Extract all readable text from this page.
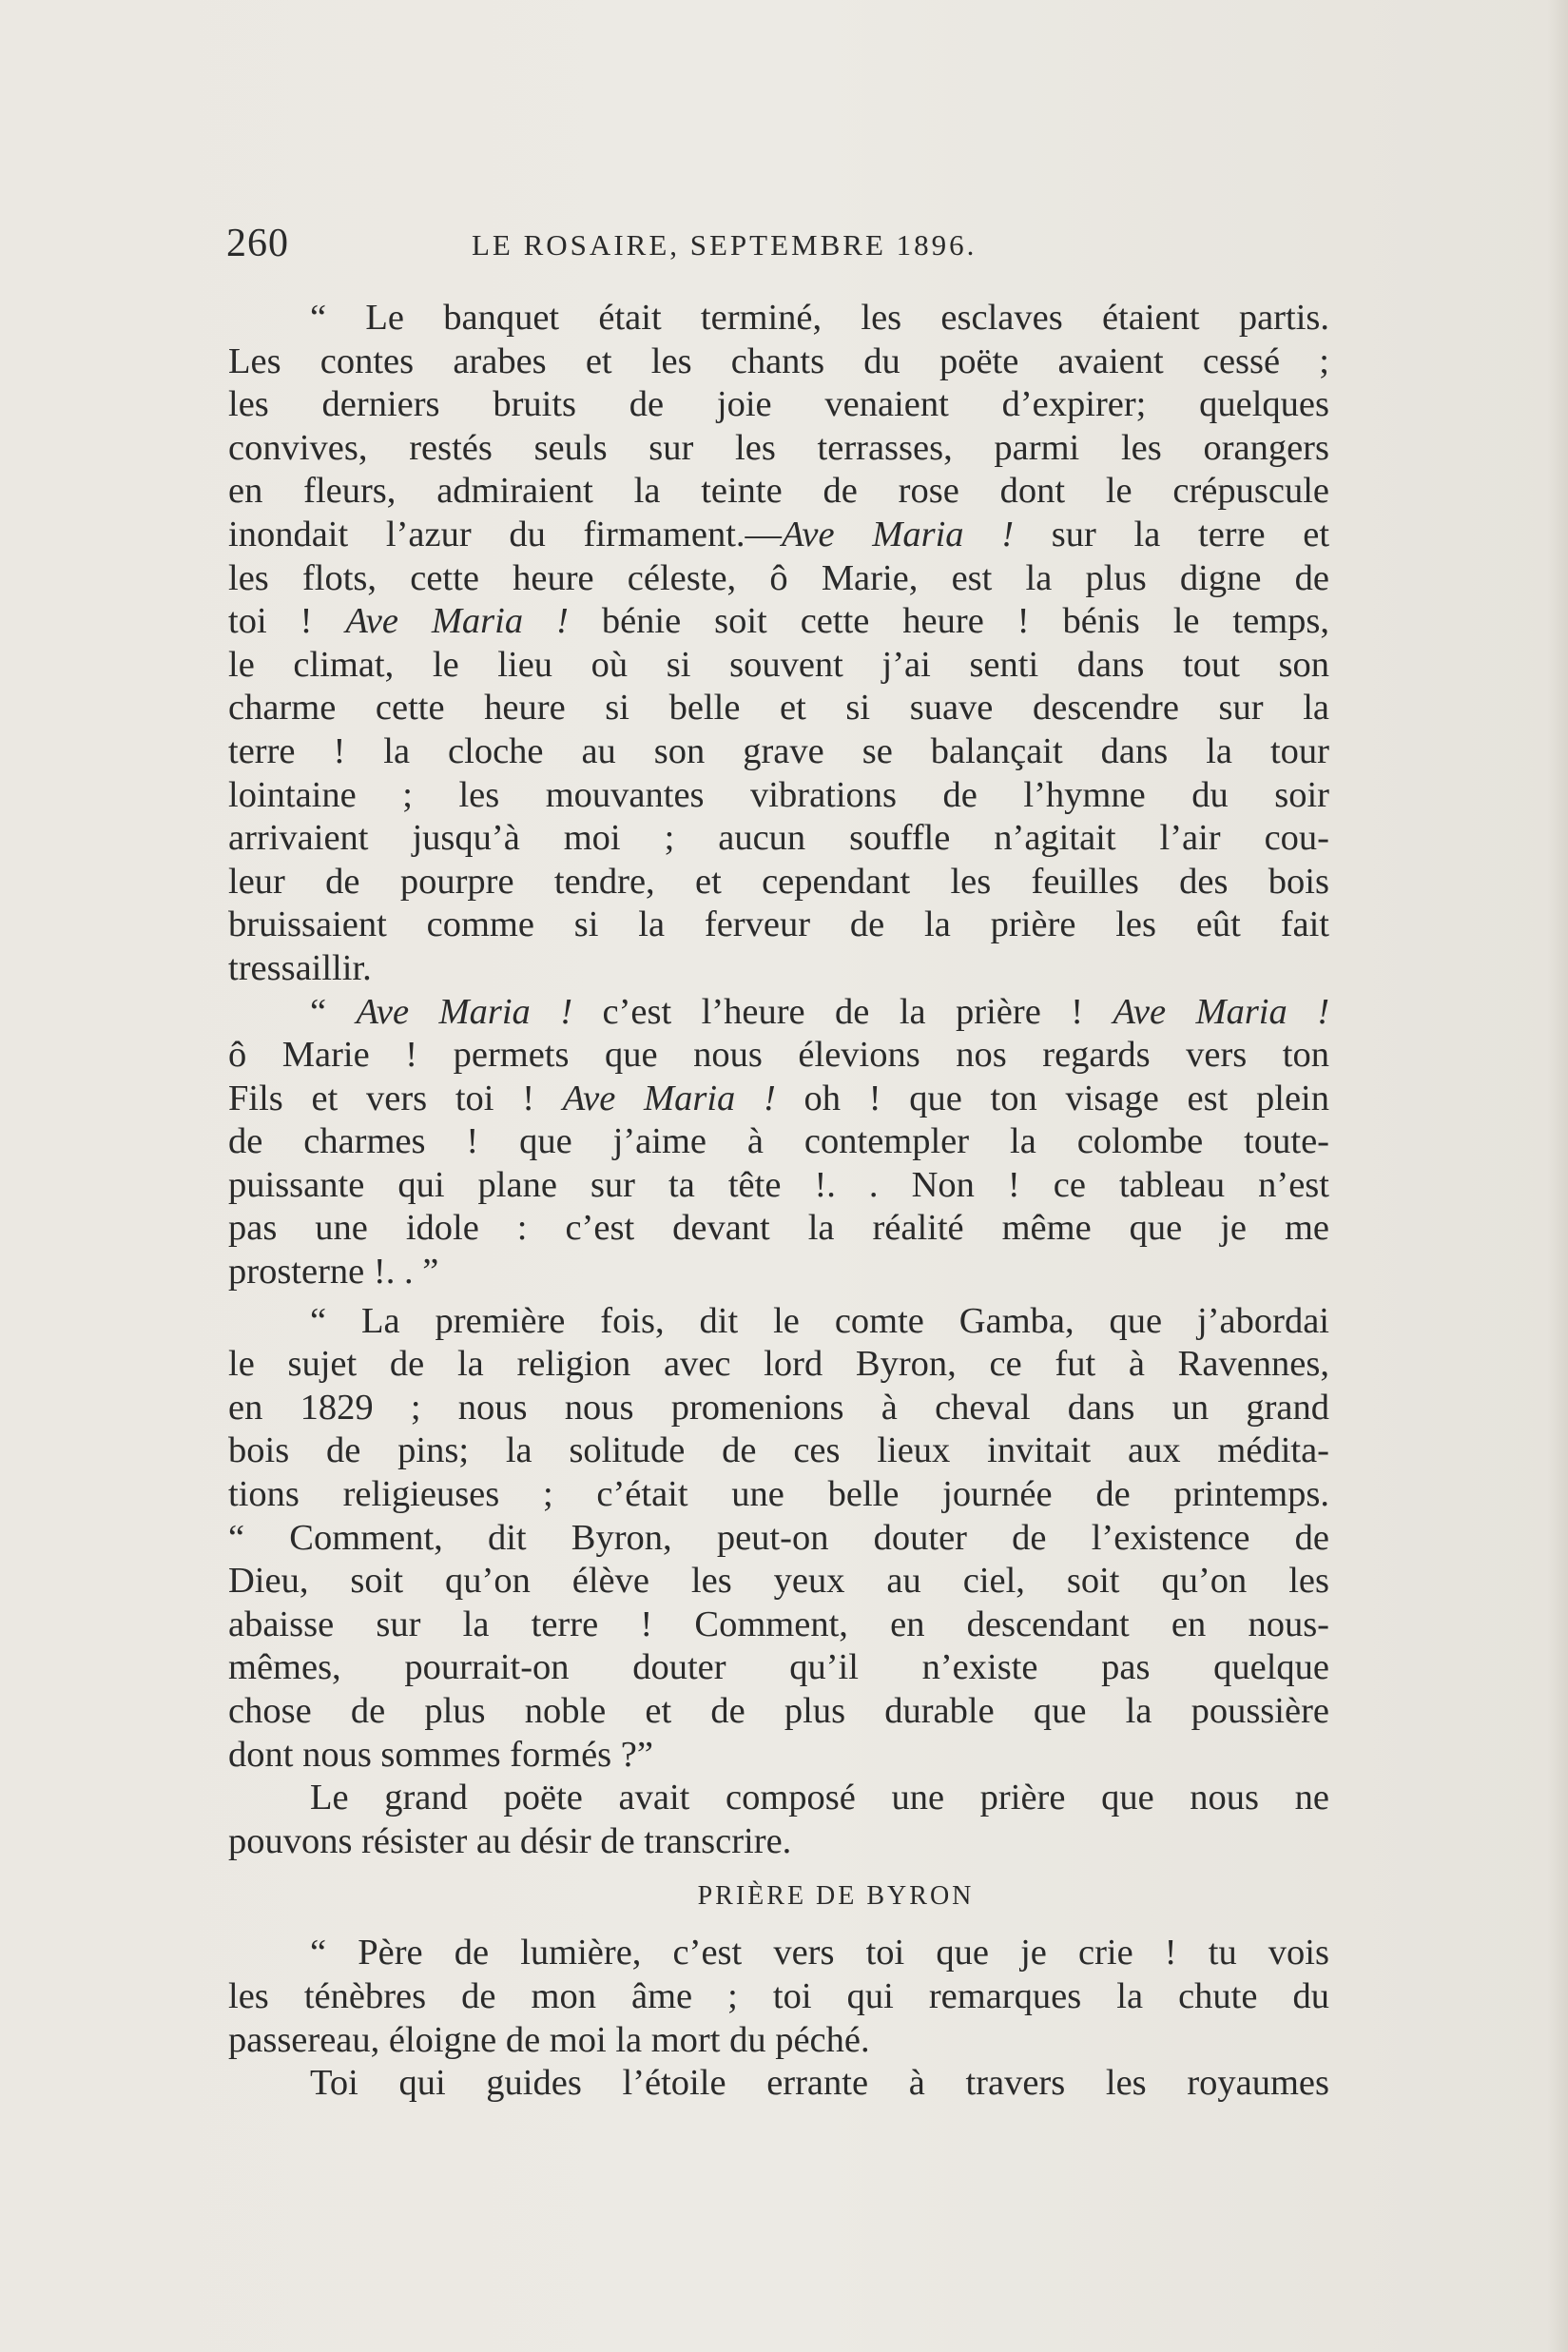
260	LE ROSAIRE, SEPTEMBRE 1896.
“ Le banquet était terminé, les esclaves étaient partis.
Les contes arabes et les chants du poëte avaient cessé ;
les derniers bruits de joie venaient d’expirer; quelques
convives, restés seuls sur les terrasses, parmi les orangers
en fleurs, admiraient la teinte de rose dont le crépuscule
inondait l’azur du firmament.—Ave Maria ! sur la terre et
les flots, cette heure céleste, ô Marie, est la plus digne de
toi ! Ave Maria ! bénie soit cette heure ! bénis le temps,
le climat, le lieu où si souvent j’ai senti dans tout son
charme cette heure si belle et si suave descendre sur la
terre ! la cloche au son grave se balançait dans la tour
lointaine ; les mouvantes vibrations de l’hymne du soir
arrivaient jusqu’à moi ; aucun souffle n’agitait l’air cou-
leur de pourpre tendre, et cependant les feuilles des bois
bruissaient comme si la ferveur de la prière les eût fait
tressaillir.
“ Ave Maria ! c’est l’heure de la prière ! Ave Maria !
ô Marie ! permets que nous élevions nos regards vers ton
Fils et vers toi ! Ave Maria ! oh ! que ton visage est plein
de charmes ! que j’aime à contempler la colombe toute-
puissante qui plane sur ta tête !. . Non ! ce tableau n’est
pas une idole : c’est devant la réalité même que je me
prosterne !. . ”
“ La première fois, dit le comte Gamba, que j’abordai
le sujet de la religion avec lord Byron, ce fut à Ravennes,
en 1829 ; nous nous promenions à cheval dans un grand
bois de pins; la solitude de ces lieux invitait aux médita-
tions religieuses ; c’était une belle journée de printemps.
“ Comment, dit Byron, peut-on douter de l’existence de
Dieu, soit qu’on élève les yeux au ciel, soit qu’on les
abaisse sur la terre ! Comment, en descendant en nous-
mêmes, pourrait-on douter qu’il n’existe pas quelque
chose de plus noble et de plus durable que la poussière
dont nous sommes formés ?”
Le grand poëte avait composé une prière que nous ne
pouvons résister au désir de transcrire.
PRIÈRE DE BYRON
“ Père de lumière, c’est vers toi que je crie ! tu vois
les ténèbres de mon âme ; toi qui remarques la chute du
passereau, éloigne de moi la mort du péché.
Toi qui guides l’étoile errante à travers les royaumes
